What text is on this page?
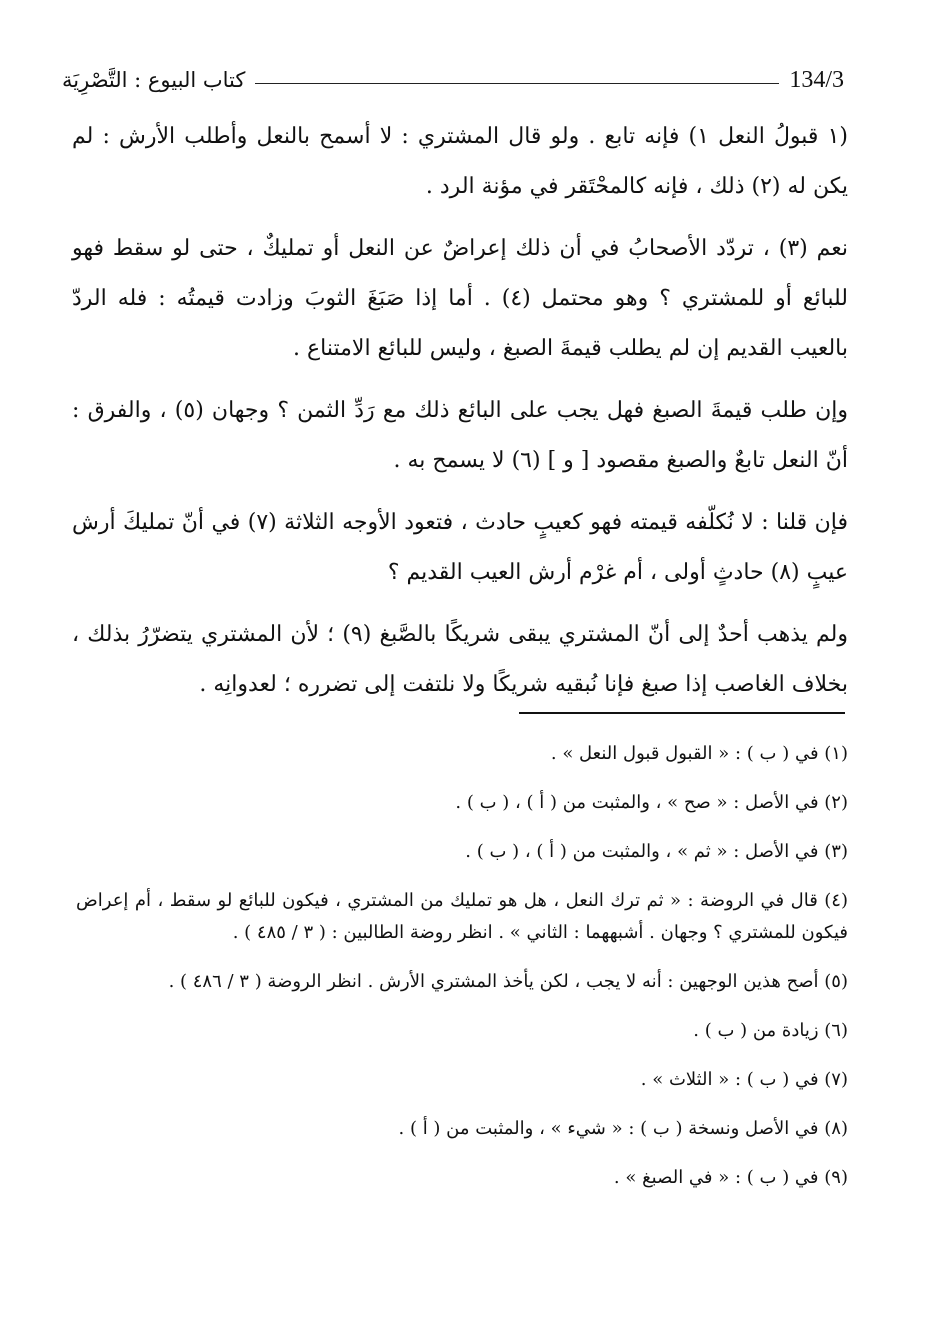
كتاب البيوع : التَّصْرِيَة	134/3

(١ قبولُ النعل ١) فإنه تابع . ولو قال المشتري : لا أسمح بالنعل وأطلب الأرش : لم يكن له (٢) ذلك ، فإنه كالمحْتَقر في مؤنة الرد .

نعم (٣) ، تردّد الأصحابُ في أن ذلك إعراضٌ عن النعل أو تمليكٌ ، حتى لو سقط فهو للبائع أو للمشتري ؟ وهو محتمل (٤) . أما إذا صَبَغَ الثوبَ وزادت قيمتُه : فله الردّ بالعيب القديم إن لم يطلب قيمةَ الصبغ ، وليس للبائع الامتناع .

وإن طلب قيمةَ الصبغ فهل يجب على البائع ذلك مع رَدِّ الثمن ؟ وجهان (٥) ، والفرق : أنّ النعل تابعٌ والصبغ مقصود [ و ] (٦) لا يسمح به .

فإن قلنا : لا نُكلّفه قيمته فهو كعيبٍ حادث ، فتعود الأوجه الثلاثة (٧) في أنّ تمليكَ أرش عيبٍ (٨) حادثٍ أولى ، أم غرْم أرش العيب القديم ؟

ولم يذهب أحدٌ إلى أنّ المشتري يبقى شريكًا بالصَّبغ (٩) ؛ لأن المشتري يتضرّرُ بذلك ، بخلاف الغاصب إذا صبغ فإنا نُبقيه شريكًا ولا نلتفت إلى تضرره ؛ لعدوانِه .

(١) في ( ب ) : « القبول قبول النعل » .

(٢) في الأصل : « صح » ، والمثبت من ( أ ) ، ( ب ) .

(٣) في الأصل : « ثم » ، والمثبت من ( أ ) ، ( ب ) .

(٤) قال في الروضة : « ثم ترك النعل ، هل هو تمليك من المشتري ، فيكون للبائع لو سقط ، أم إعراض فيكون للمشتري ؟ وجهان . أشبههما : الثاني » . انظر روضة الطالبين : ( ٣ / ٤٨٥ ) .

(٥) أصح هذين الوجهين : أنه لا يجب ، لكن يأخذ المشتري الأرش . انظر الروضة ( ٣ / ٤٨٦ ) .

(٦) زيادة من ( ب ) .

(٧) في ( ب ) : « الثلاث » .

(٨) في الأصل ونسخة ( ب ) : « شيء » ، والمثبت من ( أ ) .

(٩) في ( ب ) : « في الصبغ » .
